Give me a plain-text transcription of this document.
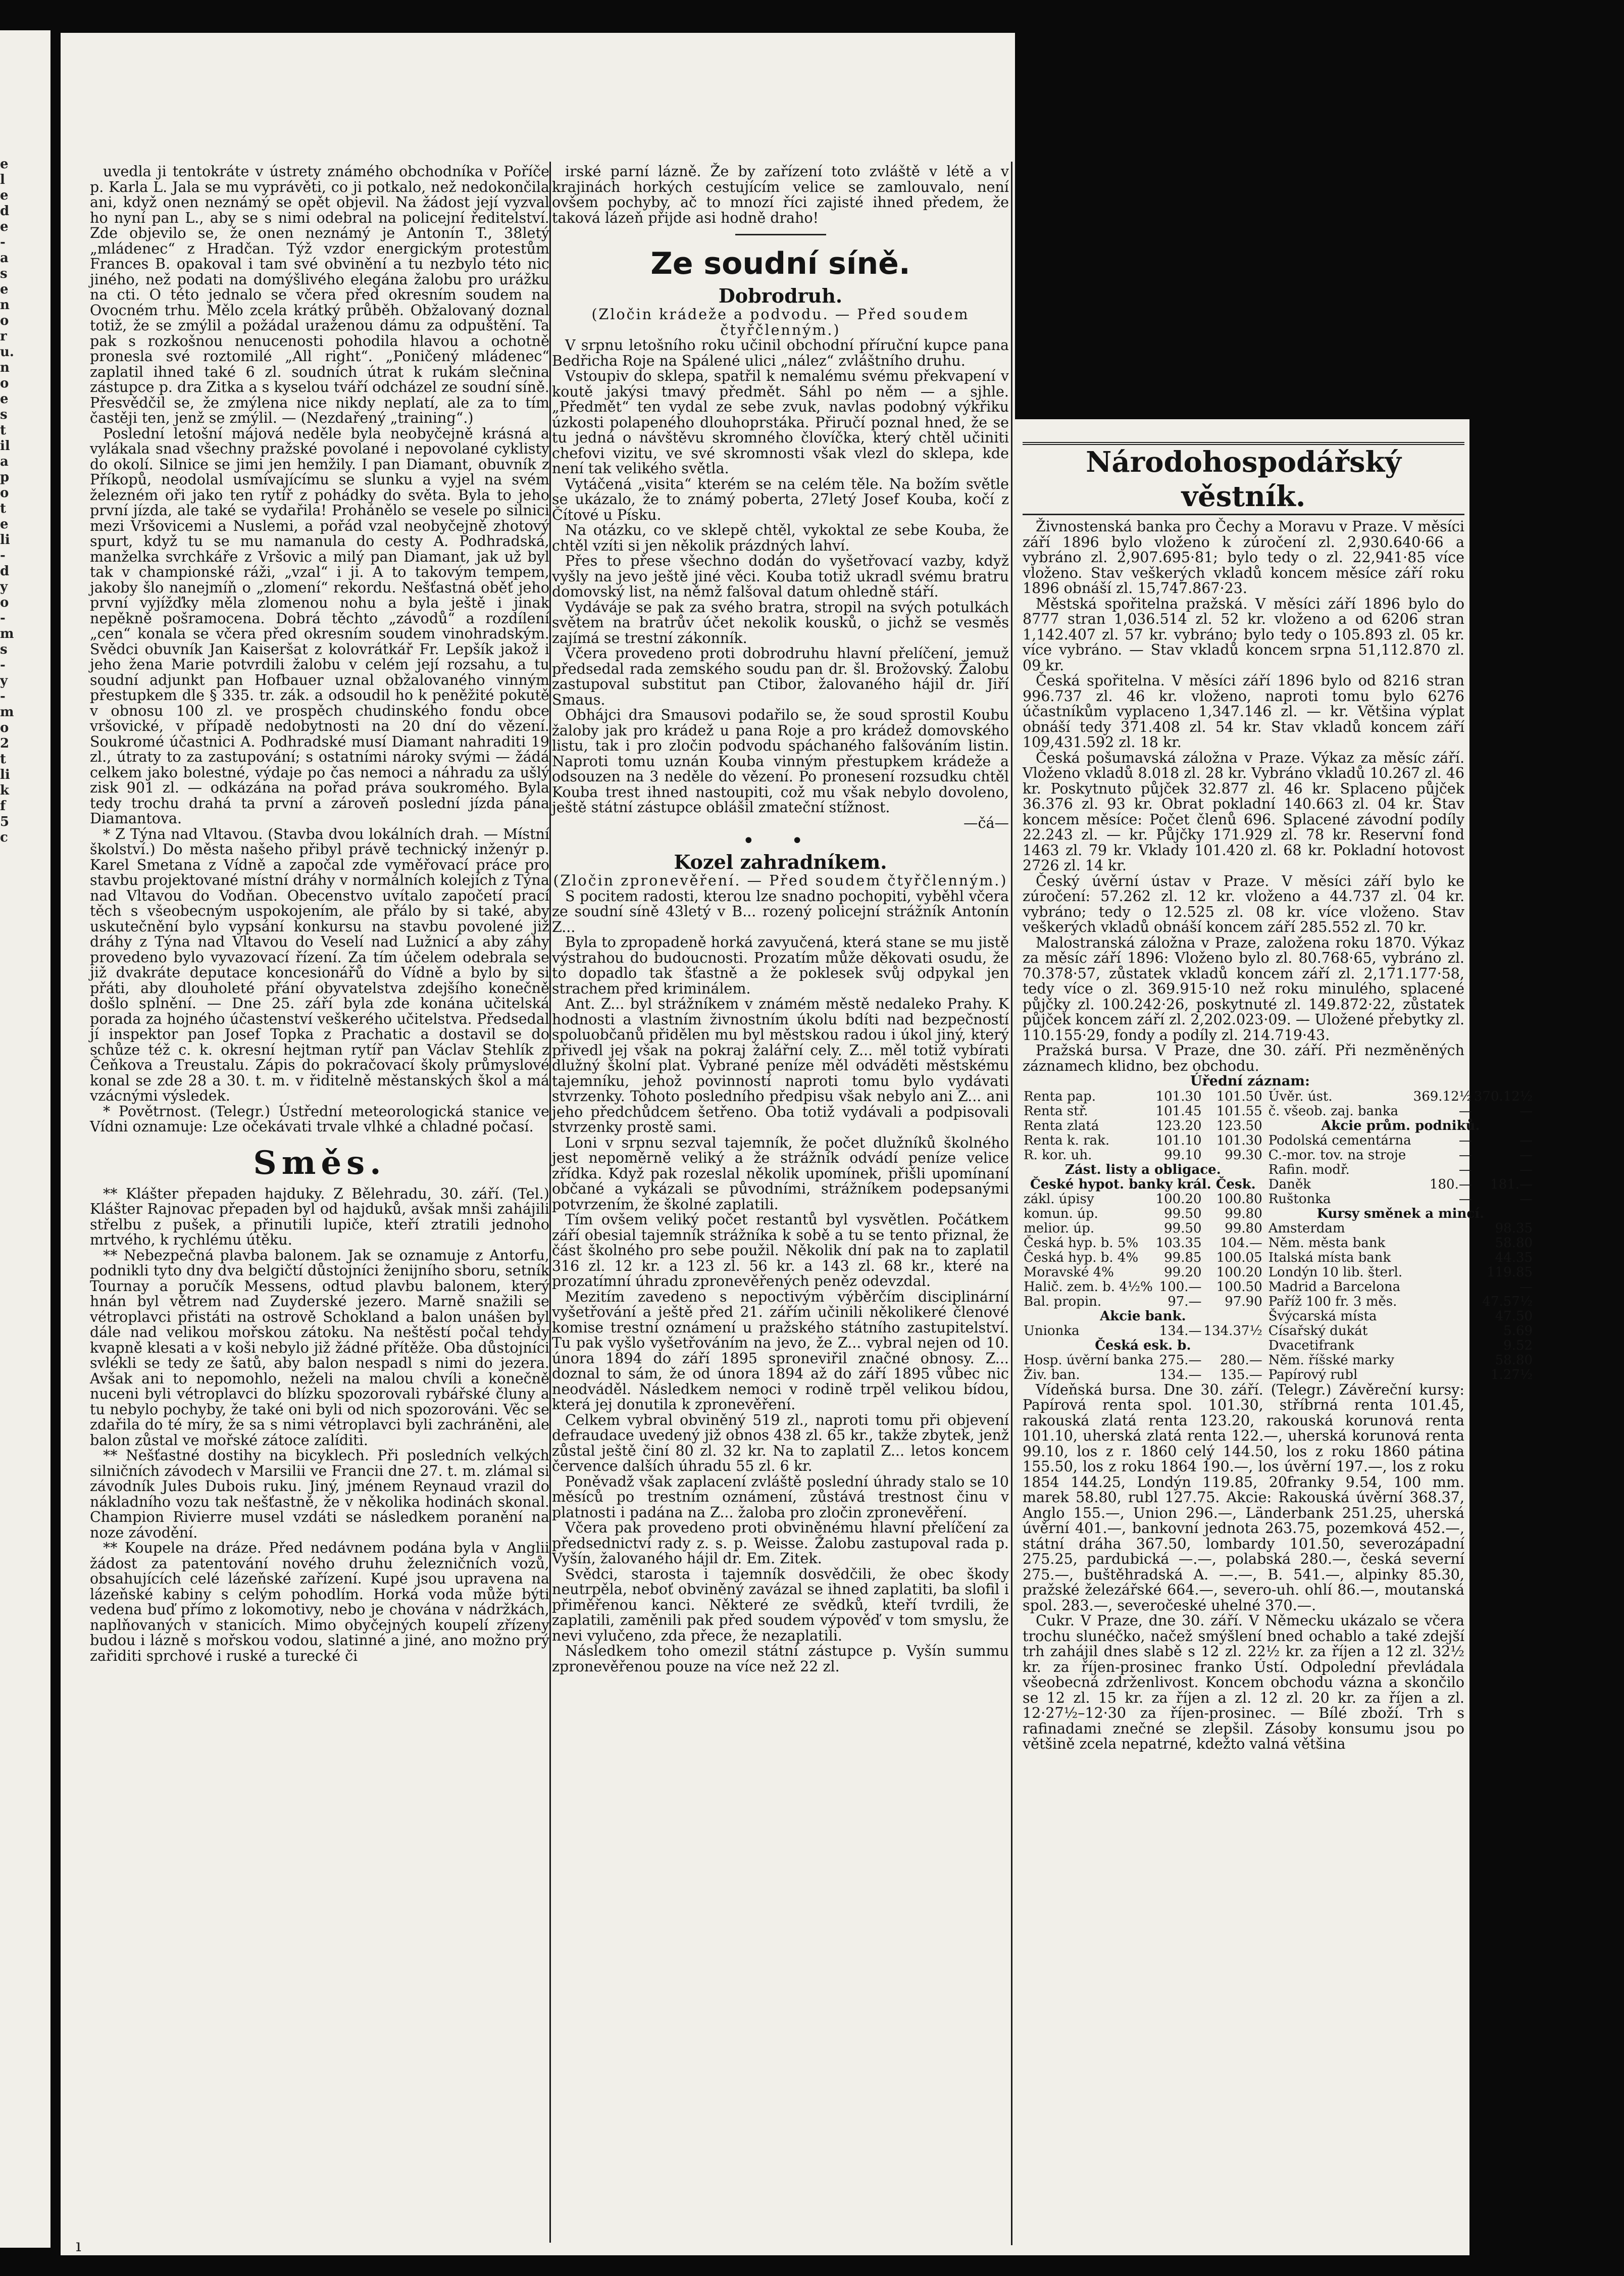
ele de- a se no ru. no est ila po te li- dy o- m s- y- m o 2t li k f 5 c

uvedla ji tentokráte v ústrety známého obchodníka v Poříče p. Karla L. Jala se mu vyprávěti, co ji potkalo, než nedokončila ani, když onen neznámý se opět objevil. Na žádost její vyzval ho nyní pan L., aby se s nimi odebral na policejní ředitelství. Zde objevilo se, že onen neznámý je Antonín T., 38letý „mládenec“ z Hradčan. Týž vzdor energickým protestům Frances B. opakoval i tam své obvinění a tu nezbylo této nic jiného, než podati na domýšlivého elegána žalobu pro urážku na cti. O této jednalo se včera před okresním soudem na Ovocném trhu. Mělo zcela krátký průběh. Obžalovaný doznal totiž, že se zmýlil a požádal uraženou dámu za odpuštění. Ta pak s rozkošnou nenucenosti pohodila hlavou a ochotně pronesla své roztomilé „All right“. „Poničený mládenec“ zaplatil ihned také 6 zl. soudních útrat k rukám slečnina zástupce p. dra Zitka a s kyselou tváří odcházel ze soudní síně. Přesvědčil se, že zmýlena nice nikdy neplatí, ale za to tím častěji ten, jenž se zmýlil. — (Nezdařený „training“.)

Poslední letošní májová neděle byla neobyčejně krásná a vylákala snad všechny pražské povolané i nepovolané cyklisty do okolí. Silnice se jimi jen hemžily. I pan Diamant, obuvník z Příkopů, neodolal usmívajícímu se slunku a vyjel na svém železném oři jako ten rytíř z pohádky do světa. Byla to jeho první jízda, ale také se vydařila! Prohánělo se vesele po silnici mezi Vršovicemi a Nuslemi, a pořád vzal neobyčejně zhotový spurt, když tu se mu namanula do cesty A. Podhradská, manželka svrchkáře z Vršovic a milý pan Diamant, jak už byl tak v championské ráži, „vzal“ i ji. A to takovým tempem, jakoby šlo nanejmíň o „zlomení“ rekordu. Nešťastná oběť jeho první vyjížďky měla zlomenou nohu a byla ještě i jinak nepěkně pošramocena. Dobrá těchto „závodů“ a rozdílení „cen“ konala se včera před okresním soudem vinohradským. Svědci obuvník Jan Kaiseršat z kolovrátkář Fr. Lepšík jakož i jeho žena Marie potvrdili žalobu v celém její rozsahu, a tu soudní adjunkt pan Hofbauer uznal obžalovaného vinným přestupkem dle § 335. tr. zák. a odsoudil ho k peněžité pokutě v obnosu 100 zl. ve prospěch chudinského fondu obce vršovické, v případě nedobytnosti na 20 dní do vězení. Soukromé účastnici A. Podhradské musí Diamant nahraditi 19 zl., útraty to za zastupování; s ostatními nároky svými — žádá celkem jako bolestné, výdaje po čas nemoci a náhradu za ušlý zisk 901 zl. — odkázána na pořad práva soukromého. Byla tedy trochu drahá ta první a zároveň poslední jízda pána Diamantova.

* Z Týna nad Vltavou. (Stavba dvou lokálních drah. — Místní školství.) Do města našeho přibyl právě technický inženýr p. Karel Smetana z Vídně a započal zde vyměřovací práce pro stavbu projektované místní dráhy v normálních kolejích z Týna nad Vltavou do Vodňan. Obecenstvo uvítalo započetí prací těch s všeobecným uspokojením, ale přálo by si také, aby uskutečnění bylo vypsání konkursu na stavbu povolené již dráhy z Týna nad Vltavou do Veselí nad Lužnicí a aby záhy provedeno bylo vyvazovací řízení. Za tím účelem odebrala se již dvakráte deputace koncesionářů do Vídně a bylo by si přáti, aby dlouholeté přání obyvatelstva zdejšího konečně došlo splnění. — Dne 25. září byla zde konána učitelská porada za hojného účastenství veškerého učitelstva. Předsedal jí inspektor pan Josef Topka z Prachatic a dostavil se do schůze též c. k. okresní hejtman rytíř pan Václav Stehlík z Čeňkova a Treustalu. Zápis do pokračovací školy průmyslové konal se zde 28 a 30. t. m. v řiditelně městanských škol a má vzácnými výsledek.

* Povětrnost. (Telegr.) Ústřední meteorologická stanice ve Vídni oznamuje: Lze očekávati trvale vlhké a chladné počasí.

Směs.

** Klášter přepaden hajduky. Z Bělehradu, 30. září. (Tel.) Klášter Rajnovac přepaden byl od hajduků, avšak mnši zahájili střelbu z pušek, a přinutili lupiče, kteří ztratili jednoho mrtvého, k rychlému útěku.

** Nebezpečná plavba balonem. Jak se oznamuje z Antorfu, podnikli tyto dny dva belgičtí důstojníci ženijního sboru, setník Tournay a poručík Messens, odtud plavbu balonem, který hnán byl větrem nad Zuyderské jezero. Marně snažili se vétroplavci přistáti na ostrově Schokland a balon unášen byl dále nad velikou mořskou zátoku. Na neštěstí počal tehdy kvapně klesati a v koši nebylo již žádné přítěže. Oba důstojníci svlékli se tedy ze šatů, aby balon nespadl s nimi do jezera. Avšak ani to nepomohlo, neželi na malou chvíli a konečně nuceni byli vétroplavci do blízku spozorovali rybářské čluny a tu nebylo pochyby, že také oni byli od nich spozorováni. Věc se zdařila do té míry, že sa s nimi vétroplavci byli zachráněni, ale balon zůstal ve mořské zátoce zalíditi.

** Nešťastné dostihy na bicyklech. Při posledních velkých silničních závodech v Marsilii ve Francii dne 27. t. m. zlámal si závodník Jules Dubois ruku. Jiný, jménem Reynaud vrazil do nákladního vozu tak nešťastně, že v několika hodinách skonal. Champion Rivierre musel vzdáti se následkem poranění na noze závodění.

** Koupele na dráze. Před nedávnem podána byla v Anglii žádost za patentování nového druhu železničních vozů, obsahujících celé lázeňské zařízení. Kupé jsou upravena na lázeňské kabiny s celým pohodlím. Horká voda může býti vedena buď přímo z lokomotivy, nebo je chována v nádržkách, naplňovaných v stanicích. Mimo obyčejných koupelí zřízeny budou i lázně s mořskou vodou, slatinné a jiné, ano možno prý zařiditi sprchové i ruské a turecké či

irské parní lázně. Že by zařízení toto zvláště v létě a v krajinách horkých cestujícím velice se zamlouvalo, není ovšem pochyby, ač to mnozí říci zajisté ihned předem, že taková lázeň přijde asi hodně draho!

Ze soudní síně.

Dobrodruh.

(Zločin krádeže a podvodu. — Před soudem čtyřčlenným.)

V srpnu letošního roku učinil obchodní příruční kupce pana Bedřicha Roje na Spálené ulici „nález“ zvláštního druhu.

Vstoupiv do sklepa, spatřil k nemalému svému překvapení v koutě jakýsi tmavý předmět. Sáhl po něm — a sjhle. „Předmět“ ten vydal ze sebe zvuk, navlas podobný výkřiku úzkosti polapeného dlouhoprstáka. Přiručí poznal hned, že se tu jedná o návštěvu skromného človíčka, který chtěl učiniti chefovi vizitu, ve své skromnosti však vlezl do sklepa, kde není tak velikého světla.

Vytáčená „visita“ kterém se na celém těle. Na božím světle se ukázalo, že to známý poberta, 27letý Josef Kouba, kočí z Čítové u Písku.

Na otázku, co ve sklepě chtěl, vykoktal ze sebe Kouba, že chtěl vzíti si jen několik prázdných lahví.

Přes to přese všechno dodán do vyšetřovací vazby, když vyšly na jevo ještě jiné věci. Kouba totiž ukradl svému bratru domovský list, na němž falšoval datum ohledně stáří.

Vydáváje se pak za svého bratra, stropil na svých potulkách světem na bratrův účet nekolik kousků, o jichž se vesměs zajímá se trestní zákonník.

Včera provedeno proti dobrodruhu hlavní přelíčení, jemuž předsedal rada zemského soudu pan dr. šl. Brožovský. Žalobu zastupoval substitut pan Ctibor, žalovaného hájil dr. Jiří Smaus.

Obhájci dra Smausovi podařilo se, že soud sprostil Koubu žaloby jak pro krádež u pana Roje a pro krádež domovského listu, tak i pro zločin podvodu spáchaného falšováním listin. Naproti tomu uznán Kouba vinným přestupkem krádeže a odsouzen na 3 neděle do vězení. Po pronesení rozsudku chtěl Kouba trest ihned nastoupiti, což mu však nebylo dovoleno, ještě státní zástupce oblášil zmateční stížnost.

—čá—

• •

Kozel zahradníkem.

(Zločin zpronevěření. — Před soudem čtyřčlenným.)

S pocitem radosti, kterou lze snadno pochopiti, vyběhl včera ze soudní síně 43letý v B... rozený policejní strážník Antonín Z...

Byla to zpropadeně horká zavyučená, která stane se mu jistě výstrahou do budoucnosti. Prozatím může děkovati osudu, že to dopadlo tak šťastně a že poklesek svůj odpykal jen strachem před kriminálem.

Ant. Z... byl strážníkem v známém městě nedaleko Prahy. K hodnosti a vlastním živnostním úkolu bdíti nad bezpečností spoluobčanů přidělen mu byl městskou radou i úkol jiný, který přivedl jej však na pokraj žalářní cely. Z... měl totiž vybírati dlužný školní plat. Vybrané peníze měl odváděti městskému tajemníku, jehož povinností naproti tomu bylo vydávati stvrzenky. Tohoto posledního předpisu však nebylo ani Z... ani jeho předchůdcem šetřeno. Oba totiž vydávali a podpisovali stvrzenky prostě sami.

Loni v srpnu sezval tajemník, že počet dlužníků školného jest nepoměrně veliký a že strážník odvádí peníze velice zřídka. Když pak rozeslal několik upomínek, přišli upomínaní občané a vykázali se původními, strážníkem podepsanými potvrzením, že školné zaplatili.

Tím ovšem veliký počet restantů byl vysvětlen. Počátkem září obesial tajemník strážníka k sobě a tu se tento přiznal, že část školného pro sebe použil. Několik dní pak na to zaplatil 316 zl. 12 kr. a 123 zl. 56 kr. a 143 zl. 68 kr., které na prozatímní úhradu zpronevěřených peněz odevzdal.

Mezitím zavedeno s nepoctivým výběrčím disciplinární vyšetřování a ještě před 21. zářím učinili několikeré členové komise trestní oznámení u pražského státního zastupitelství. Tu pak vyšlo vyšetřováním na jevo, že Z... vybral nejen od 10. února 1894 do září 1895 sproneviřil značné obnosy. Z... doznal to sám, že od února 1894 až do září 1895 vůbec nic neodváděl. Následkem nemoci v rodině trpěl velikou bídou, která jej donutila k zpronevěření.

Celkem vybral obviněný 519 zl., naproti tomu při objevení defraudace uvedený již obnos 438 zl. 65 kr., takže zbytek, jenž zůstal ještě činí 80 zl. 32 kr. Na to zaplatil Z... letos koncem července dalších úhradu 55 zl. 6 kr.

Poněvadž však zaplacení zvláště poslední úhrady stalo se 10 měsíců po trestním oznámení, zůstává trestnost činu v platnosti i padána na Z... žaloba pro zločin zpronevěření.

Včera pak provedeno proti obviněnému hlavní přelíčení za předsednictví rady z. s. p. Weisse. Žalobu zastupoval rada p. Vyšín, žalovaného hájil dr. Em. Zitek.

Svědci, starosta i tajemník dosvědčili, že obec škody neutrpěla, neboť obviněný zavázal se ihned zaplatiti, ba slofil i přiměřenou kanci. Některé ze svědků, kteří tvrdili, že zaplatili, zaměnili pak před soudem výpověď v tom smyslu, že nevi vylučeno, zda přece, že nezaplatili.

Následkem toho omezil státní zástupce p. Vyšín summu zpronevěřenou pouze na více než 22 zl.

Národohospodářský věstník.

Živnostenská banka pro Čechy a Moravu v Praze. V měsíci září 1896 bylo vloženo k zúročení zl. 2,930.640·66 a vybráno zl. 2,907.695·81; bylo tedy o zl. 22,941·85 více vloženo. Stav veškerých vkladů koncem měsíce září roku 1896 obnáší zl. 15,747.867·23.

Městská spořitelna pražská. V měsíci září 1896 bylo do 8777 stran 1,036.514 zl. 52 kr. vloženo a od 6206 stran 1,142.407 zl. 57 kr. vybráno; bylo tedy o 105.893 zl. 05 kr. více vybráno. — Stav vkladů koncem srpna 51,112.870 zl. 09 kr.

Česká spořitelna. V měsíci září 1896 bylo od 8216 stran 996.737 zl. 46 kr. vloženo, naproti tomu bylo 6276 účastníkům vyplaceno 1,347.146 zl. — kr. Většina výplat obnáší tedy 371.408 zl. 54 kr. Stav vkladů koncem září 109,431.592 zl. 18 kr.

Česká pošumavská záložna v Praze. Výkaz za měsíc září. Vloženo vkladů 8.018 zl. 28 kr. Vybráno vkladů 10.267 zl. 46 kr. Poskytnuto půjček 32.877 zl. 46 kr. Splaceno půjček 36.376 zl. 93 kr. Obrat pokladní 140.663 zl. 04 kr. Stav koncem měsíce: Počet členů 696. Splacené závodní podíly 22.243 zl. — kr. Půjčky 171.929 zl. 78 kr. Reservní fond 1463 zl. 79 kr. Vklady 101.420 zl. 68 kr. Pokladní hotovost 2726 zl. 14 kr.

Český úvěrní ústav v Praze. V měsíci září bylo ke zúročení: 57.262 zl. 12 kr. vloženo a 44.737 zl. 04 kr. vybráno; tedy o 12.525 zl. 08 kr. více vloženo. Stav veškerých vkladů obnáší koncem září 285.552 zl. 70 kr.

Malostranská záložna v Praze, založena roku 1870. Výkaz za měsíc září 1896: Vloženo bylo zl. 80.768·65, vybráno zl. 70.378·57, zůstatek vkladů koncem září zl. 2,171.177·58, tedy více o zl. 369.915·10 než roku minulého, splacené půjčky zl. 100.242·26, poskytnuté zl. 149.872·22, zůstatek půjček koncem září zl. 2,202.023·09. — Uložené přebytky zl. 110.155·29, fondy a podíly zl. 214.719·43.

Pražská bursa. V Praze, dne 30. září. Při nezměněných záznamech klidno, bez obchodu.

Úřední záznam:

Renta pap.	101.30	101.50
Renta stř.	101.45	101.55
Renta zlatá	123.20	123.50
Renta k. rak.	101.10	101.30
R. kor. uh.	99.10	99.30
Zást. listy a obligace.		
České hypot. banky král. Česk.		
zákl. úpisy	100.20	100.80
komun. úp.	99.50	99.80
melior. úp.	99.50	99.80
Česká hyp. b. 5%	103.35	104.—
Česká hyp. b. 4%	99.85	100.05
Moravské 4%	99.20	100.20
Halič. zem. b. 4½%	100.—	100.50
Bal. propin.	97.—	97.90
Akcie bank.		
Unionka	134.—	134.37½
Česká esk. b.		
Hosp. úvěrní banka	275.—	280.—
Živ. ban.	134.—	135.—
Úvěr. úst.	369.12½	370.12½
č. všeob. zaj. banka	—	—
Akcie prům. podniků.		
Podolská cementárna	—	—
C.-mor. tov. na stroje	—	—
Rafin. modř.	—	—
Daněk	180.—	181.—
Ruštonka	—	—
Kursy směnek a mincí.		
Amsterdam		98.35
Něm. města bank		58.80
Italská místa bank		44.35
Londýn 10 lib. šterl.		119.85
Madrid a Barcelona		—
Paříž 100 fr. 3 měs.		47.57½
Švýcarská místa		47.50
Císařský dukát		5.69
Dvacetifrank		9.52
Něm. říšské marky		58.80
Papírový rubl		1.27½

Vídeňská bursa. Dne 30. září. (Telegr.) Závěreční kursy: Papírová renta spol. 101.30, stříbrná renta 101.45, rakouská zlatá renta 123.20, rakouská korunová renta 101.10, uherská zlatá renta 122.—, uherská korunová renta 99.10, los z r. 1860 celý 144.50, los z roku 1860 pátina 155.50, los z roku 1864 190.—, los úvěrní 197.—, los z roku 1854 144.25, Londýn 119.85, 20franky 9.54, 100 mm. marek 58.80, rubl 127.75. Akcie: Rakouská úvěrní 368.37, Anglo 155.—, Union 296.—, Länderbank 251.25, uherská úvěrní 401.—, bankovní jednota 263.75, pozemková 452.—, státní dráha 367.50, lombardy 101.50, severozápadní 275.25, pardubická —.—, polabská 280.—, česká severní 275.—, buštěhradská A. —.—, B. 541.—, alpinky 85.30, pražské železářské 664.—, severo-uh. ohlí 86.—, moutanská spol. 283.—, severočeské uhelné 370.—.

Cukr. V Praze, dne 30. září. V Německu ukázalo se včera trochu slunéčko, načež smýšlení bned ochablo a také zdejší trh zahájil dnes slabě s 12 zl. 22½ kr. za říjen a 12 zl. 32½ kr. za říjen-prosinec franko Ústí. Odpolední převládala všeobecná zdrženlivost. Koncem obchodu vázna a skončilo se 12 zl. 15 kr. za říjen a zl. 12 zl. 20 kr. za říjen a zl. 12·27½–12·30 za říjen-prosinec. — Bílé zboží. Trh s rafinadami znečné se zlepšil. Zásoby konsumu jsou po většině zcela nepatrné, kdežto valná většina

ı
